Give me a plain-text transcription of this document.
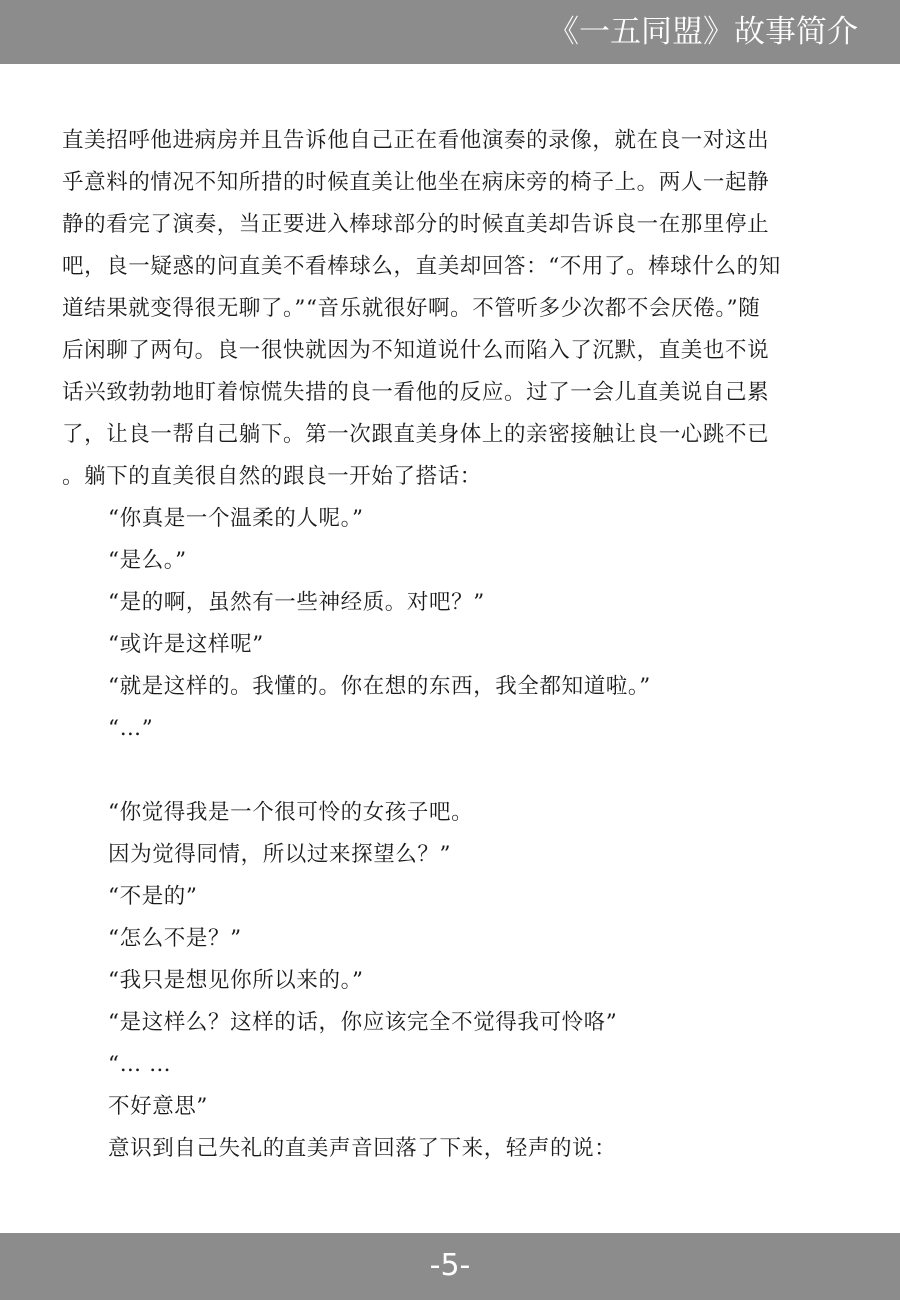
《一五同盟》故事简介

直美招呼他进病房并且告诉他自己正在看他演奏的录像，就在良一对这出

乎意料的情况不知所措的时候直美让他坐在病床旁的椅子上。两人一起静

静的看完了演奏，当正要进入棒球部分的时候直美却告诉良一在那里停止

吧，良一疑惑的问直美不看棒球么，直美却回答：“不用了。棒球什么的知

道结果就变得很无聊了。”“音乐就很好啊。不管听多少次都不会厌倦。”随

后闲聊了两句。良一很快就因为不知道说什么而陷入了沉默，直美也不说

话兴致勃勃地盯着惊慌失措的良一看他的反应。过了一会儿直美说自己累

了，让良一帮自己躺下。第一次跟直美身体上的亲密接触让良一心跳不已

。躺下的直美很自然的跟良一开始了搭话：

“你真是一个温柔的人呢。”

“是么。”

“是的啊，虽然有一些神经质。对吧？”

“或许是这样呢”

“就是这样的。我懂的。你在想的东西，我全都知道啦。”

“…”

“你觉得我是一个很可怜的女孩子吧。

因为觉得同情，所以过来探望么？”

“不是的”

“怎么不是？”

“我只是想见你所以来的。”

“是这样么？这样的话，你应该完全不觉得我可怜咯”

“… …

不好意思”

意识到自己失礼的直美声音回落了下来，轻声的说：

-5-
